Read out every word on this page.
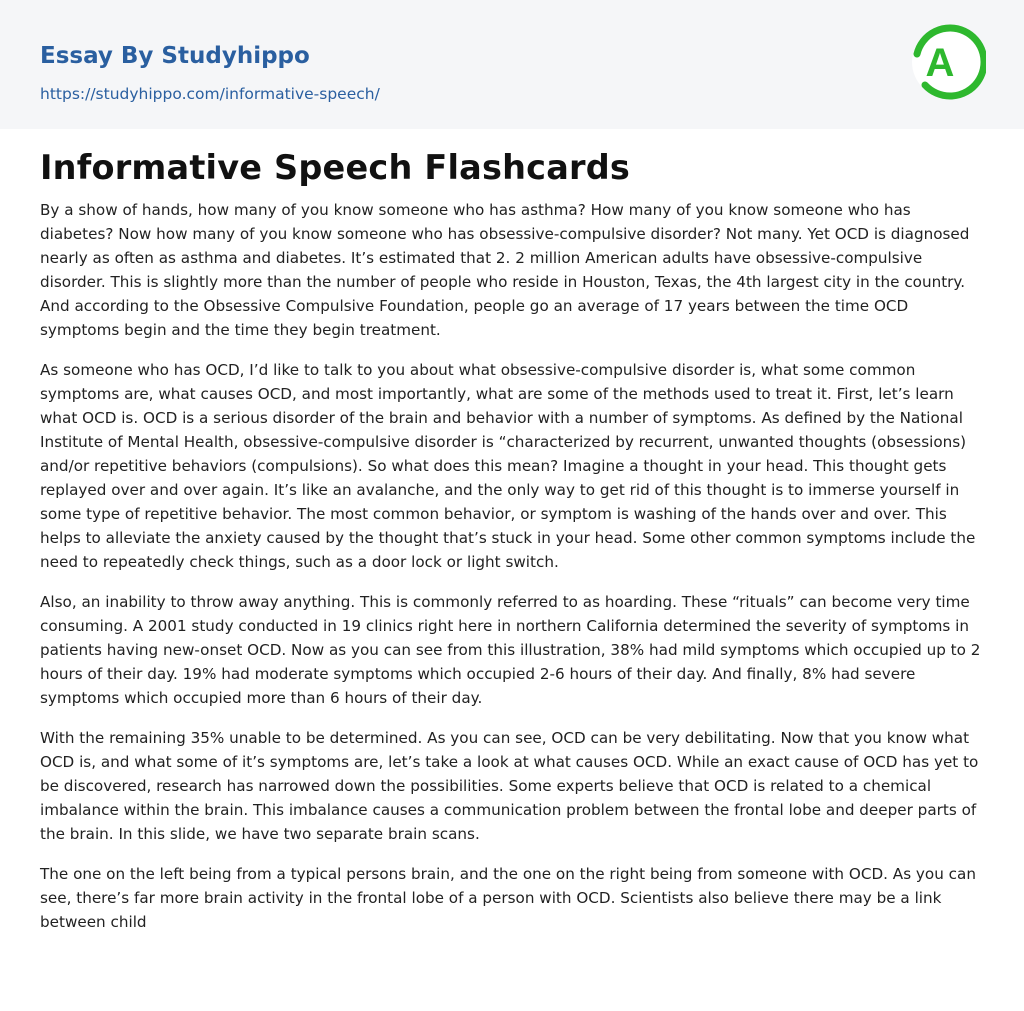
Essay By Studyhippo
https://studyhippo.com/informative-speech/
A
Informative Speech Flashcards

By a show of hands, how many of you know someone who has asthma? How many of you know someone who has diabetes? Now how many of you know someone who has obsessive-compulsive disorder? Not many. Yet OCD is diagnosed nearly as often as asthma and diabetes. It’s estimated that 2. 2 million American adults have obsessive-compulsive disorder. This is slightly more than the number of people who reside in Houston, Texas, the 4th largest city in the country. And according to the Obsessive Compulsive Foundation, people go an average of 17 years between the time OCD symptoms begin and the time they begin treatment.

As someone who has OCD, I’d like to talk to you about what obsessive-compulsive disorder is, what some common symptoms are, what causes OCD, and most importantly, what are some of the methods used to treat it. First, let’s learn what OCD is. OCD is a serious disorder of the brain and behavior with a number of symptoms. As defined by the National Institute of Mental Health, obsessive-compulsive disorder is “characterized by recurrent, unwanted thoughts (obsessions) and/or repetitive behaviors (compulsions). So what does this mean? Imagine a thought in your head. This thought gets replayed over and over again. It’s like an avalanche, and the only way to get rid of this thought is to immerse yourself in some type of repetitive behavior. The most common behavior, or symptom is washing of the hands over and over. This helps to alleviate the anxiety caused by the thought that’s stuck in your head. Some other common symptoms include the need to repeatedly check things, such as a door lock or light switch.

Also, an inability to throw away anything. This is commonly referred to as hoarding. These “rituals” can become very time consuming. A 2001 study conducted in 19 clinics right here in northern California determined the severity of symptoms in patients having new-onset OCD. Now as you can see from this illustration, 38% had mild symptoms which occupied up to 2 hours of their day. 19% had moderate symptoms which occupied 2-6 hours of their day. And finally, 8% had severe symptoms which occupied more than 6 hours of their day.

With the remaining 35% unable to be determined. As you can see, OCD can be very debilitating. Now that you know what OCD is, and what some of it’s symptoms are, let’s take a look at what causes OCD. While an exact cause of OCD has yet to be discovered, research has narrowed down the possibilities. Some experts believe that OCD is related to a chemical imbalance within the brain. This imbalance causes a communication problem between the frontal lobe and deeper parts of the brain. In this slide, we have two separate brain scans.

The one on the left being from a typical persons brain, and the one on the right being from someone with OCD. As you can see, there’s far more brain activity in the frontal lobe of a person with OCD. Scientists also believe there may be a link between child
